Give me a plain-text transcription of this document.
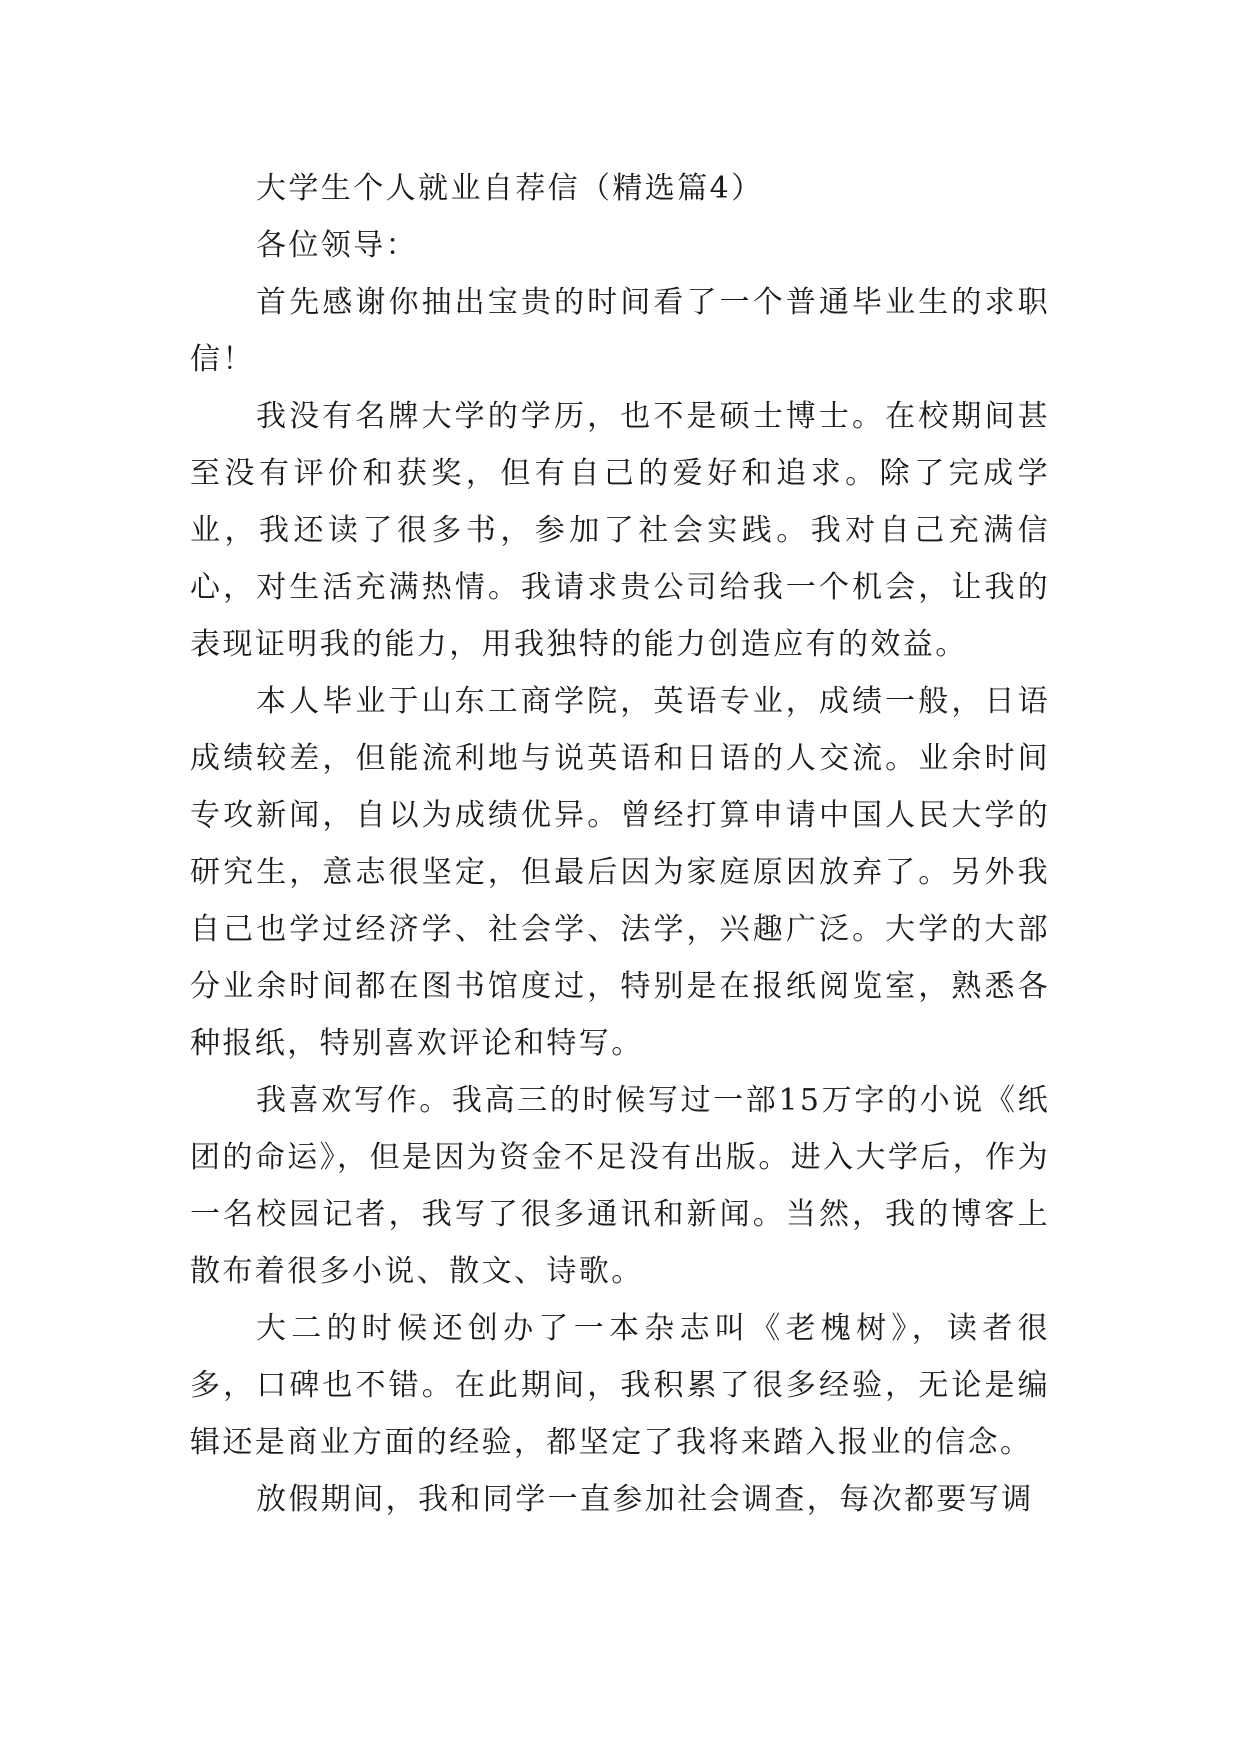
大学生个人就业自荐信（精选篇4）

各位领导：

首先感谢你抽出宝贵的时间看了一个普通毕业生的求职信！

我没有名牌大学的学历，也不是硕士博士。在校期间甚至没有评价和获奖，但有自己的爱好和追求。除了完成学业，我还读了很多书，参加了社会实践。我对自己充满信心，对生活充满热情。我请求贵公司给我一个机会，让我的表现证明我的能力，用我独特的能力创造应有的效益。

本人毕业于山东工商学院，英语专业，成绩一般，日语成绩较差，但能流利地与说英语和日语的人交流。业余时间专攻新闻，自以为成绩优异。曾经打算申请中国人民大学的研究生，意志很坚定，但最后因为家庭原因放弃了。另外我自己也学过经济学、社会学、法学，兴趣广泛。大学的大部分业余时间都在图书馆度过，特别是在报纸阅览室，熟悉各种报纸，特别喜欢评论和特写。

我喜欢写作。我高三的时候写过一部15万字的小说《纸团的命运》，但是因为资金不足没有出版。进入大学后，作为一名校园记者，我写了很多通讯和新闻。当然，我的博客上散布着很多小说、散文、诗歌。

大二的时候还创办了一本杂志叫《老槐树》，读者很多，口碑也不错。在此期间，我积累了很多经验，无论是编辑还是商业方面的经验，都坚定了我将来踏入报业的信念。

放假期间，我和同学一直参加社会调查，每次都要写调
